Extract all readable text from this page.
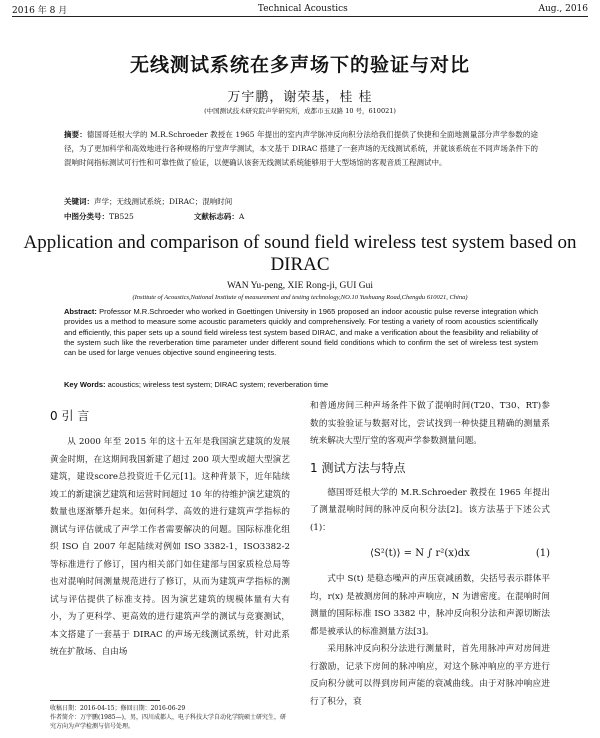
2016 年 8 月	Technical Acoustics	Aug., 2016
无线测试系统在多声场下的验证与对比
万宇鹏，谢荣基，桂 桂
(中国测试技术研究院声学研究所，成都市玉双路 10 号，610021)
摘要：德国哥廷根大学的 M.R.Schroeder 教授在 1965 年提出的室内声学脉冲反向积分法给我们提供了快捷和全面地测量部分声学参数的途径，为了更加科学和高效地进行各种规格的厅堂声学测试，本文基于 DIRAC 搭建了一套声场的无线测试系统，并就该系统在不同声场条件下的混响时间指标测试可行性和可靠性做了验证，以便确认该套无线测试系统能够用于大型场馆的客观音质工程测试中。
关键词：声学；无线测试系统；DIRAC；混响时间
中图分类号：TB525	文献标志码：A
Application and comparison of sound field wireless test system based on DIRAC
WAN Yu-peng, XIE Rong-ji, GUI Gui
(Institute of Acoustics,National Institute of measurement and testing technology,NO.10 Yushuang Road,Chengdu 610021, China)
Abstract: Professor M.R.Schroeder who worked in Goettingen University in 1965 proposed an indoor acoustic pulse reverse integration which provides us a method to measure some acoustic parameters quickly and comprehensively. For testing a variety of room acoustics scientifically and efficiently, this paper sets up a sound field wireless test system based DIRAC, and make a verification about the feasibility and reliability of the system such like the reverberation time parameter under different sound field conditions which to confirm the set of wireless test system can be used for large venues objective sound engineering tests.
Key Words: acoustics; wireless test system; DIRAC system; reverberation time

0 引 言

从 2000 年至 2015 年的这十五年是我国演艺建筑的发展黄金时期，在这期间我国新建了超过 200 项大型或超大型演艺建筑，建设score总投资近千亿元[1]。这种背景下，近年陆续竣工的新建演艺建筑和运营时间超过 10 年的待维护演艺建筑的数量也逐渐攀升起来。如何科学、高效的进行建筑声学指标的测试与评估就成了声学工作者需要解决的问题。国际标准化组织 ISO 自 2007 年起陆续对例如 ISO 3382-1，ISO3382-2 等标准进行了修订，国内相关部门如住建部与国家质检总局等也对混响时间测量规范进行了修订，从而为建筑声学指标的测试与评估提供了标准支持。因为演艺建筑的规模体量有大有小，为了更科学、更高效的进行建筑声学的测试与竞赛测试，本文搭建了一套基于 DIRAC 的声场无线测试系统，针对此系统在扩散场、自由场

和普通房间三种声场条件下做了混响时间(T20、T30、RT)参数的实验验证与数据对比，尝试找到一种快捷且精确的测量系统来解决大型厅堂的客观声学参数测量问题。

1 测试方法与特点

德国哥廷根大学的 M.R.Schroeder 教授在 1965 年提出了测量混响时间的脉冲反向积分法[2]。该方法基于下述公式(1)：

⟨S²(t)⟩ = N ∫ r²(x)dx	(1)

式中 S(t) 是稳态噪声的声压衰减函数，尖括号表示群体平均，r(x) 是被测房间的脉冲声响应，N 为谱密度。在混响时间测量的国际标准 ISO 3382 中，脉冲反向积分法和声源切断法都是被承认的标准测量方法[3]。

采用脉冲反向积分法进行测量时，首先用脉冲声对房间进行激励，记录下房间的脉冲响应，对这个脉冲响应的平方进行反向积分就可以得到房间声能的衰减曲线。由于对脉冲响应进行了积分，衰

收稿日期：2016-04-15；修回日期：2016-06-29
作者简介：万宇鹏(1985—)，男，四川成都人，电子科技大学自动化学院硕士研究生，研究方向为声学检测与信号处理。
